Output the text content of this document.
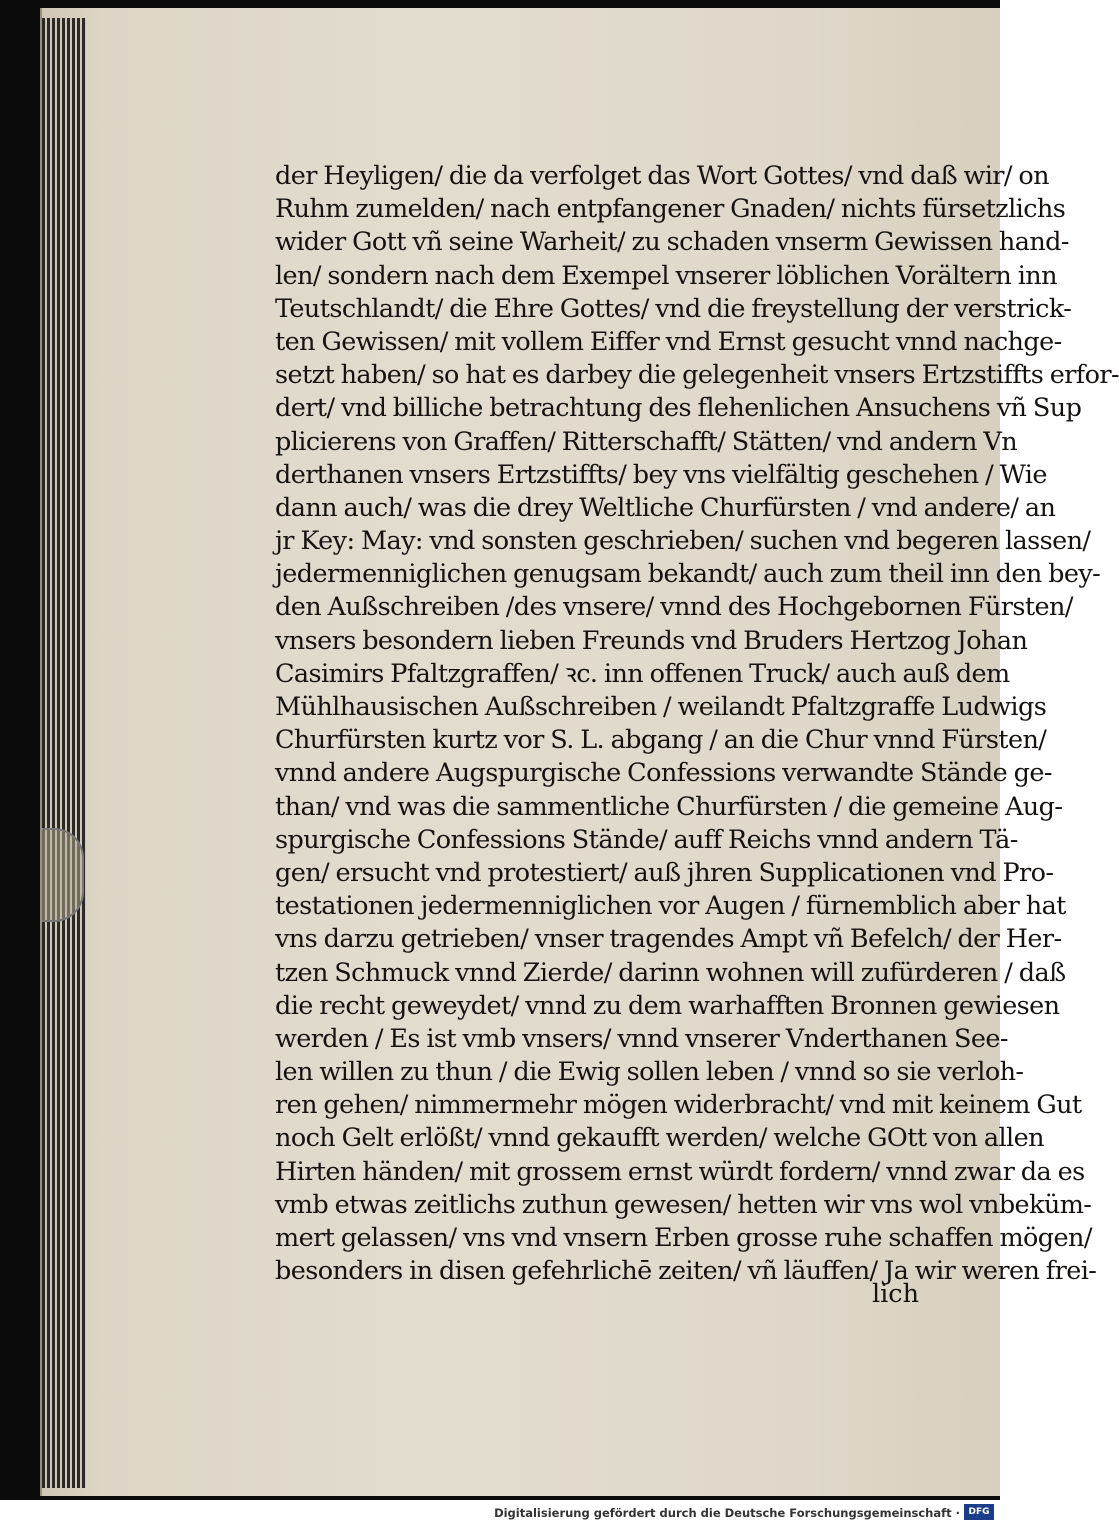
der Heyligen/ die da verfolget das Wort Gottes/ vnd daß wir/ on
Ruhm zumelden/ nach entpfangener Gnaden/ nichts fürsetzlichs
wider Gott vñ seine Warheit/ zu schaden vnserm Gewissen hand-
len/ sondern nach dem Exempel vnserer löblichen Vorältern inn
Teutschlandt/ die Ehre Gottes/ vnd die freystellung der verstrick-
ten Gewissen/ mit vollem Eiffer vnd Ernst gesucht vnnd nachge-
setzt haben/ so hat es darbey die gelegenheit vnsers Ertzstiffts erfor-
dert/ vnd billiche betrachtung des flehenlichen Ansuchens vñ Sup
plicierens von Graffen/ Ritterschafft/ Stätten/ vnd andern Vn
derthanen vnsers Ertzstiffts/ bey vns vielfältig geschehen / Wie
dann auch/ was die drey Weltliche Churfürsten / vnd andere/ an
jr Key: May: vnd sonsten geschrieben/ suchen vnd begeren lassen/
jedermenniglichen genugsam bekandt/ auch zum theil inn den bey-
den Außschreiben /des vnsere/ vnnd des Hochgebornen Fürsten/
vnsers besondern lieben Freunds vnd Bruders Hertzog Johan
Casimirs Pfaltzgraffen/ ꝛc. inn offenen Truck/ auch auß dem
Mühlhausischen Außschreiben / weilandt Pfaltzgraffe Ludwigs
Churfürsten kurtz vor S. L. abgang / an die Chur vnnd Fürsten/
vnnd andere Augspurgische Confessions verwandte Stände ge-
than/ vnd was die sammentliche Churfürsten / die gemeine Aug-
spurgische Confessions Stände/ auff Reichs vnnd andern Tä-
gen/ ersucht vnd protestiert/ auß jhren Supplicationen vnd Pro-
testationen jedermenniglichen vor Augen / fürnemblich aber hat
vns darzu getrieben/ vnser tragendes Ampt vñ Befelch/ der Her-
tzen Schmuck vnnd Zierde/ darinn wohnen will zufürderen / daß
die recht geweydet/ vnnd zu dem warhafften Bronnen gewiesen
werden / Es ist vmb vnsers/ vnnd vnserer Vnderthanen See-
len willen zu thun / die Ewig sollen leben / vnnd so sie verloh-
ren gehen/ nimmermehr mögen widerbracht/ vnd mit keinem Gut
noch Gelt erlößt/ vnnd gekaufft werden/ welche GOtt von allen
Hirten händen/ mit grossem ernst würdt fordern/ vnnd zwar da es
vmb etwas zeitlichs zuthun gewesen/ hetten wir vns wol vnbeküm-
mert gelassen/ vns vnd vnsern Erben grosse ruhe schaffen mögen/
besonders in disen gefehrlichē zeiten/ vñ läuffen/ Ja wir weren frei-
lich
Digitalisierung gefördert durch die Deutsche Forschungsgemeinschaft · DFG
